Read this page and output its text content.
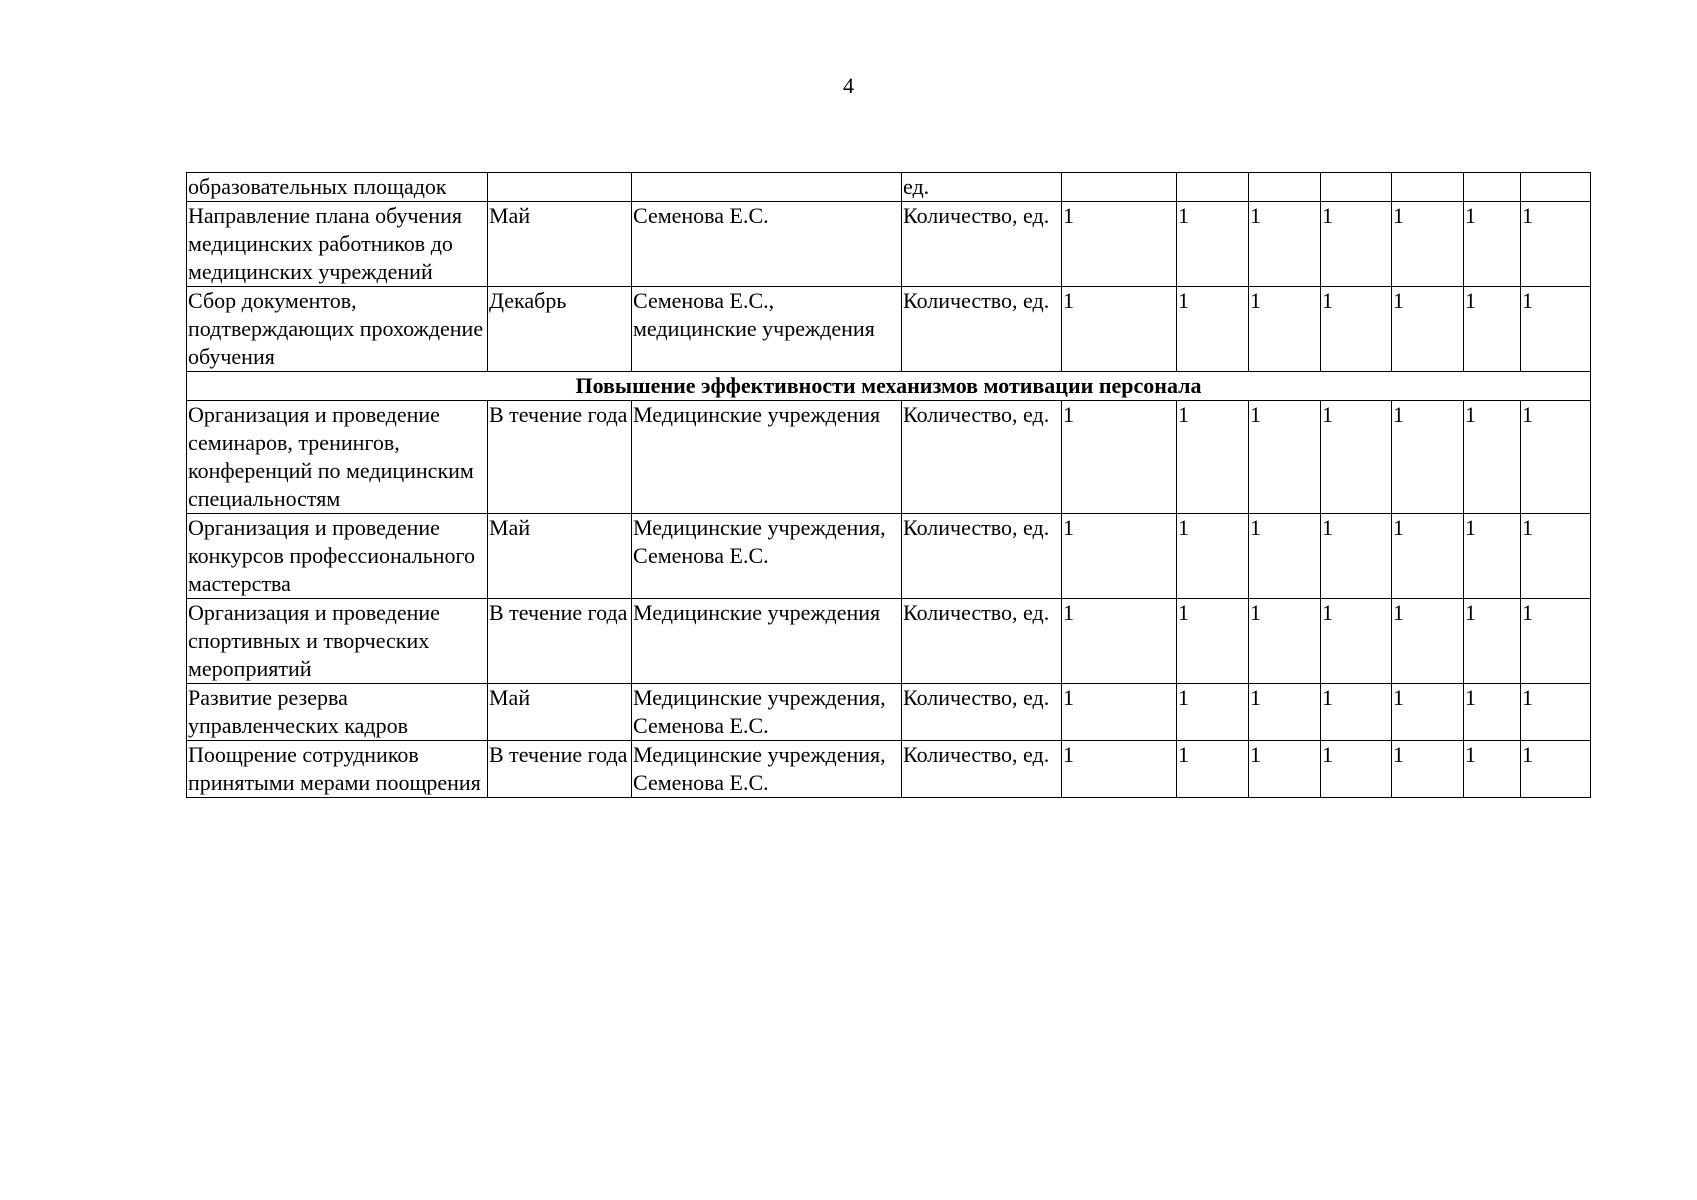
4
образовательных площадок			ед.							
Направление плана обучения медицинских работников до медицинских учреждений	Май	Семенова Е.С.	Количество, ед.	1	1	1	1	1	1	1
Сбор документов, подтверждающих прохождение обучения	Декабрь	Семенова Е.С., медицинские учреждения	Количество, ед.	1	1	1	1	1	1	1
Повышение эффективности механизмов мотивации персонала										
Организация и проведение семинаров, тренингов, конференций по медицинским специальностям	В течение года	Медицинские учреждения	Количество, ед.	1	1	1	1	1	1	1
Организация и проведение конкурсов профессионального мастерства	Май	Медицинские учреждения, Семенова Е.С.	Количество, ед.	1	1	1	1	1	1	1
Организация и проведение спортивных и творческих мероприятий	В течение года	Медицинские учреждения	Количество, ед.	1	1	1	1	1	1	1
Развитие резерва управленческих кадров	Май	Медицинские учреждения, Семенова Е.С.	Количество, ед.	1	1	1	1	1	1	1
Поощрение сотрудников принятыми мерами поощрения	В течение года	Медицинские учреждения, Семенова Е.С.	Количество, ед.	1	1	1	1	1	1	1
